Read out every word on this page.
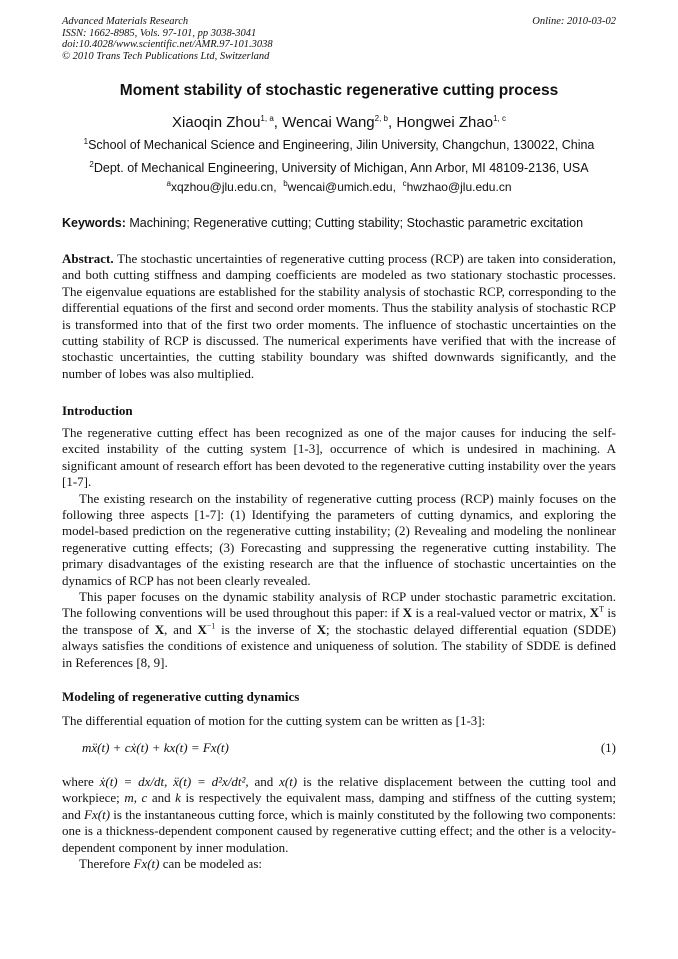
Advanced Materials Research
ISSN: 1662-8985, Vols. 97-101, pp 3038-3041
doi:10.4028/www.scientific.net/AMR.97-101.3038
© 2010 Trans Tech Publications Ltd, Switzerland
Online: 2010-03-02
Moment stability of stochastic regenerative cutting process
Xiaoqin Zhou$^{1, a}$, Wencai Wang$^{2, b}$, Hongwei Zhao$^{1, c}$
$^1$School of Mechanical Science and Engineering, Jilin University, Changchun, 130022, China
$^2$Dept. of Mechanical Engineering, University of Michigan, Ann Arbor, MI 48109-2136, USA
$^a$xqzhou@jlu.edu.cn, $^b$wencai@umich.edu, $^c$hwzhao@jlu.edu.cn
Keywords: Machining; Regenerative cutting; Cutting stability; Stochastic parametric excitation
Abstract. The stochastic uncertainties of regenerative cutting process (RCP) are taken into consideration, and both cutting stiffness and damping coefficients are modeled as two stationary stochastic processes. The eigenvalue equations are established for the stability analysis of stochastic RCP, corresponding to the differential equations of the first and second order moments. Thus the stability analysis of stochastic RCP is transformed into that of the first two order moments. The influence of stochastic uncertainties on the cutting stability of RCP is discussed. The numerical experiments have verified that with the increase of stochastic uncertainties, the cutting stability boundary was shifted downwards significantly, and the number of lobes was also multiplied.
Introduction
The regenerative cutting effect has been recognized as one of the major causes for inducing the self-excited instability of the cutting system [1-3], occurrence of which is undesired in machining. A significant amount of research effort has been devoted to the regenerative cutting instability over the years [1-7].
The existing research on the instability of regenerative cutting process (RCP) mainly focuses on the following three aspects [1-7]: (1) Identifying the parameters of cutting dynamics, and exploring the model-based prediction on the regenerative cutting instability; (2) Revealing and modeling the nonlinear regenerative cutting effects; (3) Forecasting and suppressing the regenerative cutting instability. The primary disadvantages of the existing research are that the influence of stochastic uncertainties on the dynamics of RCP has not been clearly revealed.
This paper focuses on the dynamic stability analysis of RCP under stochastic parametric excitation. The following conventions will be used throughout this paper: if X is a real-valued vector or matrix, $X^T$ is the transpose of X, and $X^{-1}$ is the inverse of X; the stochastic delayed differential equation (SDDE) always satisfies the conditions of existence and uniqueness of solution. The stability of SDDE is defined in References [8, 9].
Modeling of regenerative cutting dynamics
The differential equation of motion for the cutting system can be written as [1-3]:
mẍ(t) + cẋ(t) + kx(t) = Fx(t)	(1)
where ẋ(t) = dx/dt, ẍ(t) = d²x/dt², and x(t) is the relative displacement between the cutting tool and workpiece; m, c and k is respectively the equivalent mass, damping and stiffness of the cutting system; and Fx(t) is the instantaneous cutting force, which is mainly constituted by the following two components: one is a thickness-dependent component caused by regenerative cutting effect; and the other is a velocity-dependent component by inner modulation.
Therefore Fx(t) can be modeled as:
